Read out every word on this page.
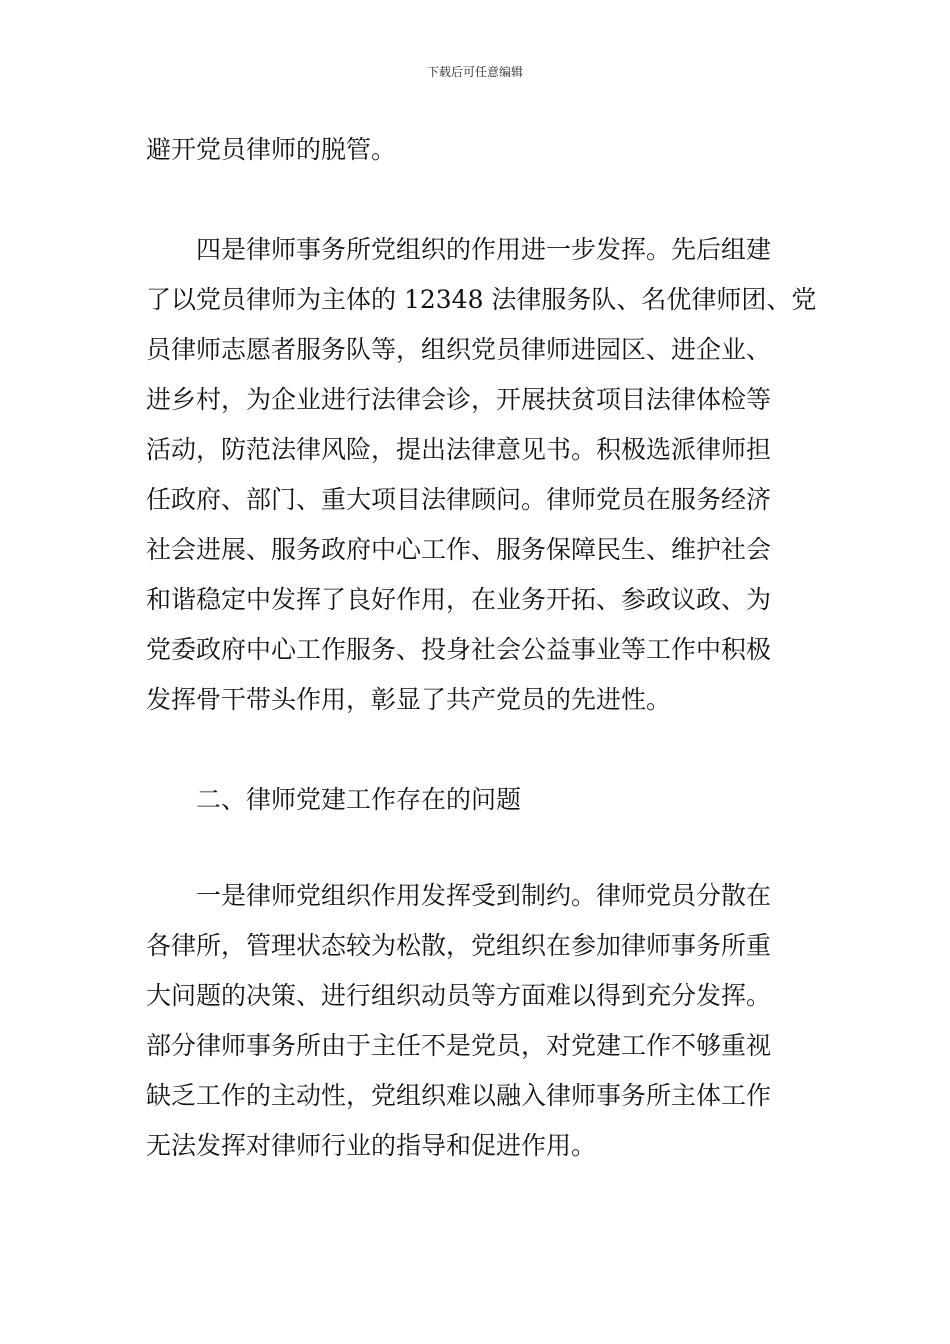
下载后可任意编辑
避开党员律师的脱管。
四是律师事务所党组织的作用进一步发挥。先后组建
了以党员律师为主体的 12348 法律服务队、名优律师团、党
员律师志愿者服务队等，组织党员律师进园区、进企业、
进乡村，为企业进行法律会诊，开展扶贫项目法律体检等
活动，防范法律风险，提出法律意见书。积极选派律师担
任政府、部门、重大项目法律顾问。律师党员在服务经济
社会进展、服务政府中心工作、服务保障民生、维护社会
和谐稳定中发挥了良好作用，在业务开拓、参政议政、为
党委政府中心工作服务、投身社会公益事业等工作中积极
发挥骨干带头作用，彰显了共产党员的先进性。
二、律师党建工作存在的问题
一是律师党组织作用发挥受到制约。律师党员分散在
各律所，管理状态较为松散，党组织在参加律师事务所重
大问题的决策、进行组织动员等方面难以得到充分发挥。
部分律师事务所由于主任不是党员，对党建工作不够重视
缺乏工作的主动性，党组织难以融入律师事务所主体工作
无法发挥对律师行业的指导和促进作用。
